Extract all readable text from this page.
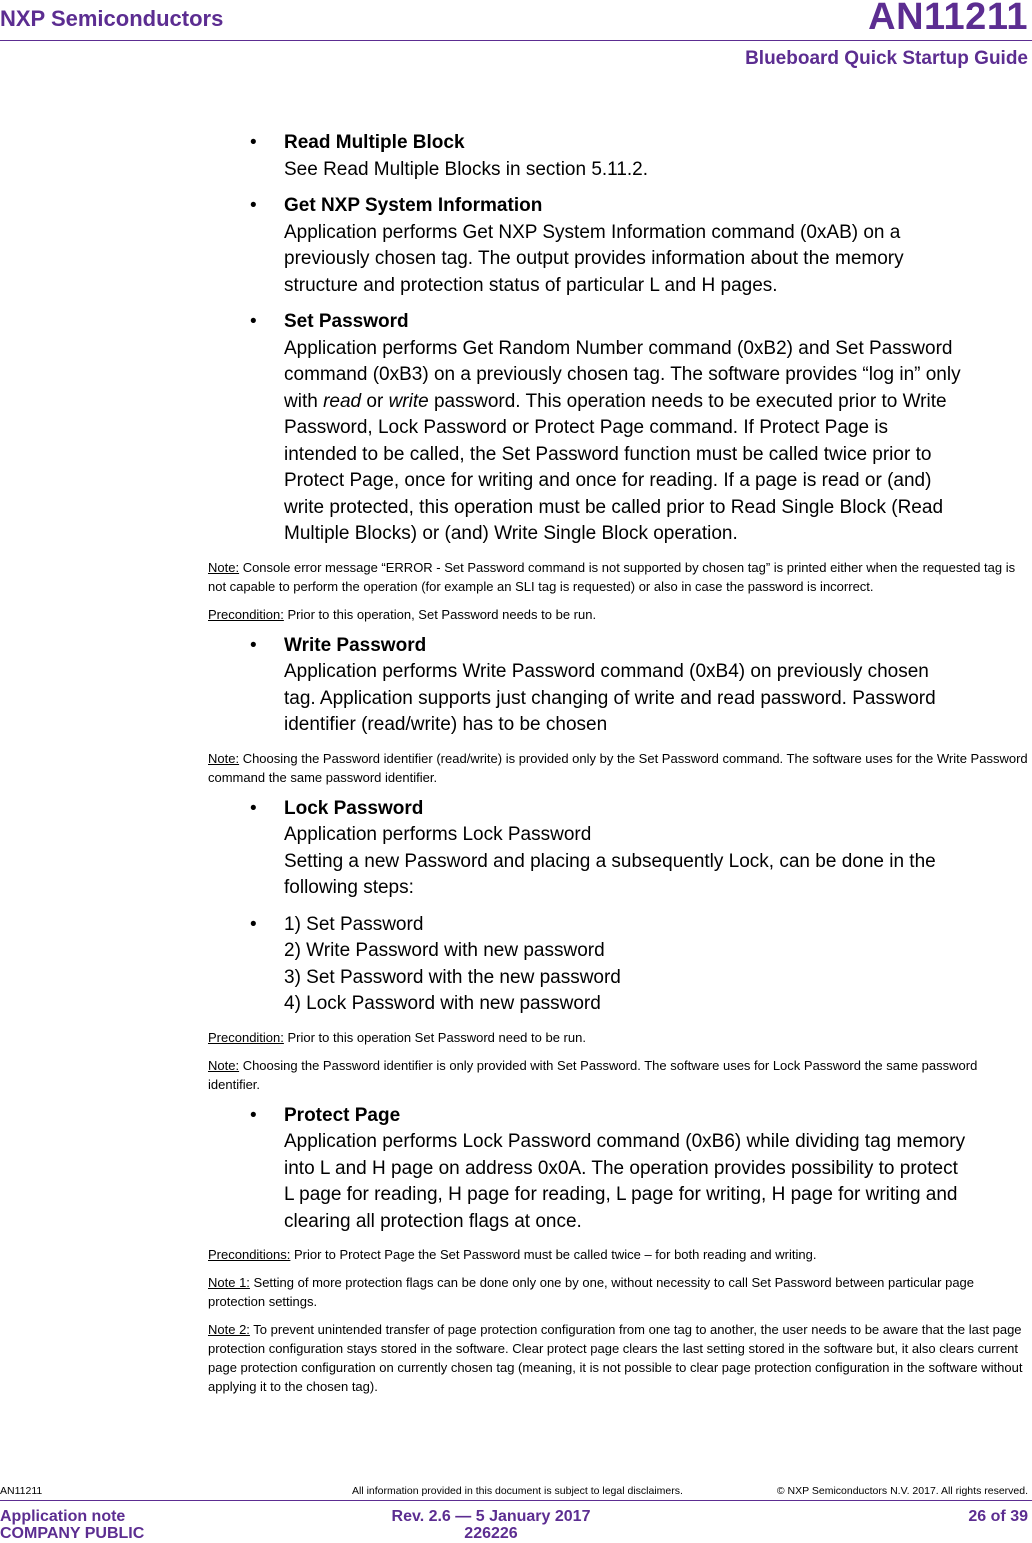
NXP Semiconductors	AN11211
Blueboard Quick Startup Guide
• Read Multiple Block
See Read Multiple Blocks in section 5.11.2.
• Get NXP System Information
Application performs Get NXP System Information command (0xAB) on a
previously chosen tag. The output provides information about the memory
structure and protection status of particular L and H pages.
• Set Password
Application performs Get Random Number command (0xB2) and Set Password
command (0xB3) on a previously chosen tag. The software provides “log in” only
with read or write password. This operation needs to be executed prior to Write
Password, Lock Password or Protect Page command. If Protect Page is
intended to be called, the Set Password function must be called twice prior to
Protect Page, once for writing and once for reading. If a page is read or (and)
write protected, this operation must be called prior to Read Single Block (Read
Multiple Blocks) or (and) Write Single Block operation.
Note: Console error message “ERROR - Set Password command is not supported by chosen tag” is printed either when the requested tag is not capable to perform the operation (for example an SLI tag is requested) or also in case the password is incorrect.
Precondition: Prior to this operation, Set Password needs to be run.
• Write Password
Application performs Write Password command (0xB4) on previously chosen
tag. Application supports just changing of write and read password. Password
identifier (read/write) has to be chosen
Note: Choosing the Password identifier (read/write) is provided only by the Set Password command. The software uses for the Write Password command the same password identifier.
• Lock Password
Application performs Lock Password
Setting a new Password and placing a subsequently Lock, can be done in the
following steps:
• 1) Set Password
2) Write Password with new password
3) Set Password with the new password
4) Lock Password with new password
Precondition: Prior to this operation Set Password need to be run.
Note: Choosing the Password identifier is only provided with Set Password. The software uses for Lock Password the same password identifier.
• Protect Page
Application performs Lock Password command (0xB6) while dividing tag memory
into L and H page on address 0x0A. The operation provides possibility to protect
L page for reading, H page for reading, L page for writing, H page for writing and
clearing all protection flags at once.
Preconditions: Prior to Protect Page the Set Password must be called twice – for both reading and writing.
Note 1: Setting of more protection flags can be done only one by one, without necessity to call Set Password between particular page protection settings.
Note 2: To prevent unintended transfer of page protection configuration from one tag to another, the user needs to be aware that the last page protection configuration stays stored in the software. Clear protect page clears the last setting stored in the software but, it also clears current page protection configuration on currently chosen tag (meaning, it is not possible to clear page protection configuration in the software without applying it to the chosen tag).
AN11211	All information provided in this document is subject to legal disclaimers.	© NXP Semiconductors N.V. 2017. All rights reserved.
Application note
COMPANY PUBLIC
Rev. 2.6 — 5 January 2017
226226
26 of 39
